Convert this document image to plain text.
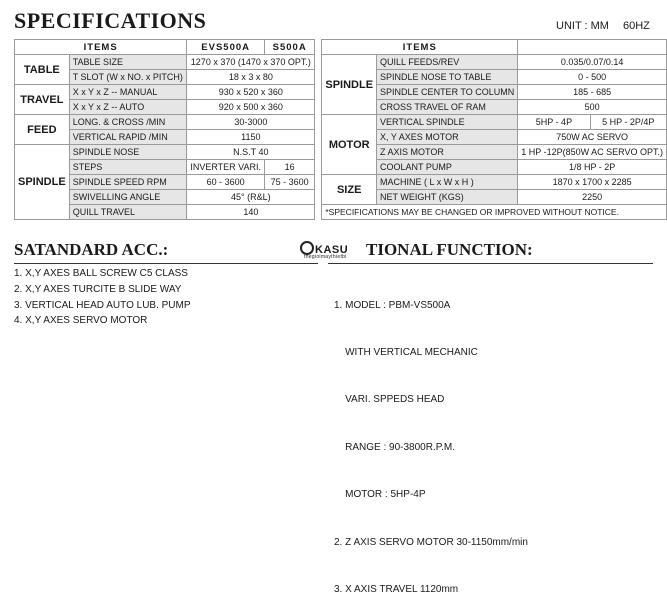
SPECIFICATIONS	UNIT : MM 60HZ
ITEMS		EVS500A	S500A		ITEMS			
TABLE	TABLE SIZE	1270 x 370 (1470 x 370 OPT.)			SPINDLE	QUILL FEEDS/REV	0.035/0.07/0.14	
	T SLOT (W x NO. x PITCH)	18 x 3 x 80				SPINDLE NOSE TO TABLE	0 - 500	
TRAVEL	X x Y x Z -- MANUAL	930 x 520 x 360				SPINDLE CENTER TO COLUMN	185 - 685	
	X x Y x Z -- AUTO	920 x 500 x 360				CROSS TRAVEL OF RAM	500	
FEED	LONG. & CROSS /MIN	30-3000			MOTOR	VERTICAL SPINDLE	5HP - 4P	5 HP - 2P/4P
	VERTICAL RAPID /MIN	1150				X, Y AXES MOTOR	750W AC SERVO	
SPINDLE	SPINDLE NOSE	N.S.T 40				Z AXIS MOTOR	1 HP -12P(850W AC SERVO OPT.)	
	STEPS	INVERTER VARI.	16			COOLANT PUMP	1/8 HP - 2P	
	SPINDLE SPEED RPM	60 - 3600	75 - 3600		SIZE	MACHINE ( L x W x H )	1870 x 1700 x 2285	
	SWIVELLING ANGLE	45° (R&L)				NET WEIGHT (KGS)	2250	
	QUILL TRAVEL	140			*SPECIFICATIONS MAY BE CHANGED OR IMPROVED WITHOUT NOTICE.			
SATANDARD ACC.:
1. X,Y AXES BALL SCREW C5 CLASS
2. X,Y AXES TURCITE B SLIDE WAY
3. VERTICAL HEAD AUTO LUB. PUMP
4. X,Y AXES SERVO MOTOR
KASU
thegioimaythietbi TIONAL FUNCTION:

1. MODEL : PBM-VS500A

WITH VERTICAL MECHANIC

VARI. SPPEDS HEAD

RANGE : 90-3800R.P.M.

MOTOR : 5HP-4P

2. Z AXIS SERVO MOTOR 30-1150mm/min

3. X AXIS TRAVEL 1120mm
